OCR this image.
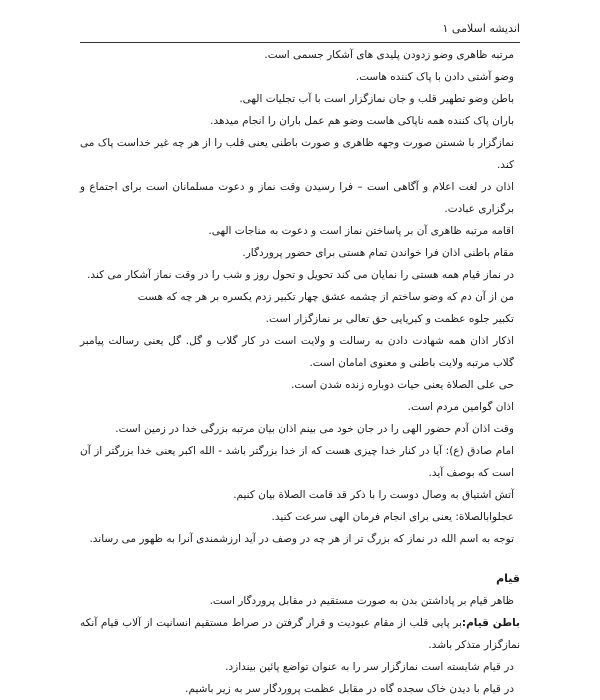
اندیشه اسلامی ۱

مرتبه ظاهری وضو زدودن پلیدی های آشکار جسمی است.

وضو آشتی دادن با پاک کننده هاست.

باطن وضو تطهیر قلب و جان نمازگزار است با آب تجلیات الهی.

باران پاک کننده همه ناپاکی هاست وضو هم عمل باران را انجام میدهد.

نمازگزار با شستن صورت وجهه ظاهری و صورت باطنی یعنی قلب را از هر چه غیر خداست پاک می کند.

اذان در لغت اعلام و آگاهی است – فرا رسیدن وقت نماز و دعوت مسلمانان است برای اجتماع و برگزاری عبادت.

اقامه مرتبه ظاهری آن بر پاساختن نماز است و دعوت به مناجات الهی.

مقام باطنی اذان فرا خواندن تمام هستی برای حضور پروردگار.

در نماز قیام همه هستی را نمایان می کند تحویل و تحول روز و شب را در وقت نماز آشکار می کند.

من از آن دم که وضو ساختم از چشمه عشق چهار تکبیر زدم یکسره بر هر چه که هست

تکبیر جلوه عظمت و کبریایی حق تعالی بر نمازگزار است.

اذکار اذان همه شهادت دادن به رسالت و ولایت است در کار گلاب و گل. گل یعنی رسالت پیامبر گلاب مرتبه ولایت باطنی و معنوی امامان است.

حی علی الصلاة یعنی حیات دوباره زنده شدن است.

اذان گوامین مردم است.

وقت اذان آدم حضور الهی را در جان خود می بینم اذان بیان مرتبه بزرگی خدا در زمین است.

امام صادق (ع): آیا در کنار خدا چیزی هست که از خدا بزرگتر باشد - الله اکبر یعنی خدا بزرگتر از آن است که بوصف آید.

آتش اشتیاق به وصال دوست را با ذکر قد قامت الصلاة بیان کنیم.

عجلوابالصلاة: یعنی برای انجام فرمان الهی سرعت کنید.

توجه به اسم الله در نماز که بزرگ تر از هر چه در وصف در آید ارزشمندی آنرا به ظهور می رساند.

قیام

ظاهر قیام بر پاداشتن بدن به صورت مستقیم در مقابل پروردگار است.

باطن قیام:بر پایی قلب از مقام عبودیت و قرار گرفتن در صراط مستقیم انسانیت از آلاب قیام آنکه نمازگزار متذکر باشد.

در قیام شایسته است نمازگزار سر را به عنوان تواضع پائین بیندازد.

در قیام با دیدن خاک سجده گاه در مقابل عظمت پروردگار سر به زیر باشیم.
